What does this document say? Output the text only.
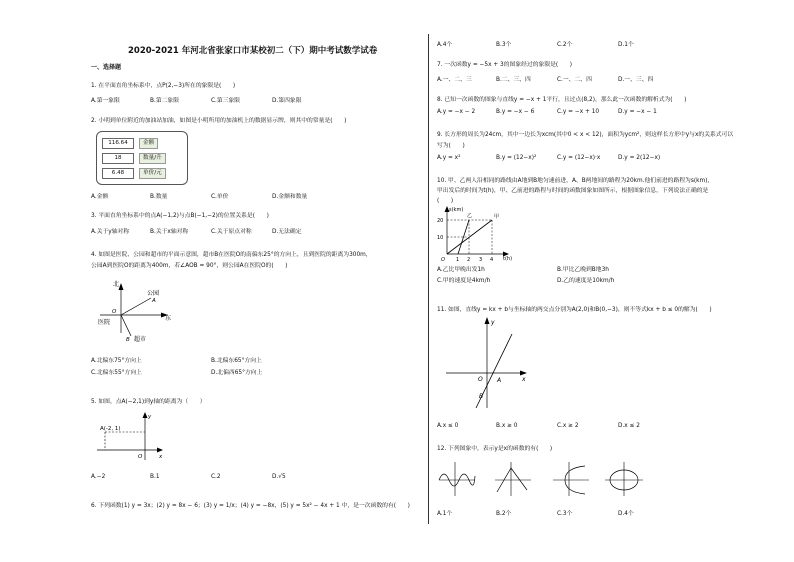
2020-2021 年河北省张家口市某校初二（下）期中考试数学试卷
一、选择题
1. 在平面直角坐标系中，点P(2,−3)所在的象限是(　　)
A.第一象限	B.第二象限	C.第三象限	D.第四象限
2. 小明到单位附近的加油站加油，如图是小明所用的加油机上的数据显示牌，则其中的常量是(　　)
116.64	金额
18	数量/升
6.48	单价/元
A.金额	B.数量	C.单价	D.金额和数量
3. 平面直角坐标系中的点A(−1,2)与点B(−1,−2)的位置关系是(　　)
A.关于y轴对称	B.关于x轴对称	C.关于原点对称	D.无法确定
4. 如图是医院、公园和超市的平面示意图，超市B在医院O的南偏东25°的方向上，且到医院的距离为300m，
公园A到医院O的距离为400m，若∠AOB = 90°，则公园A在医院O的(　　)
北
东
公园
A
O
医院
B 超市
A.北偏东75°方向上	B.北偏东65°方向上
C.北偏东55°方向上	D.北偏西65°方向上
5. 如图，点A(−2,1)到y轴的距离为（　　）
A(-2, 1)
y
x
O
A.−2	B.1	C.2	D.√5
6. 下列函数(1) y = 3x；(2) y = 8x − 6；(3) y = 1/x；(4) y = −8x，(5) y = 5x² − 4x + 1 中，是一次函数的有(　　)
A.4个	B.3个	C.2个	D.1个
7. 一次函数y = −5x + 3的图象经过的象限是(　　)
A.一、二、三	B.二、三、四	C.一、二、四	D.一、三、四
8. 已知一次函数的图象与直线y = −x + 1平行，且过点(8,2)，那么此一次函数的解析式为(　　)
A.y = −x − 2	B.y = −x − 6	C.y = −x + 10	D.y = −x − 1
9. 长方形的周长为24cm，其中一边长为xcm(其中0 < x < 12)，面积为ycm²，则这样长方形中y与x的关系式可以
写为(　　)
A.y = x²	B.y = (12−x)²	C.y = (12−x)·x	D.y = 2(12−x)
10. 甲、乙两人沿相同的路线由A地到B地匀速前进，A、B两地间的路程为20km.他们前进的路程为s(km)，
甲出发后的时间为t(h)，甲、乙前进的路程与时间的函数图象如图所示，根据图象信息，下列说法正确的是
(　　)
s(km)
t(h)
20
10
O 1 2 3 4
甲
乙
A.乙比甲晚出发1h	B.甲比乙晚到B地3h
C.甲的速度是4km/h	D.乙的速度是10km/h
11. 如图，直线y = kx + b与坐标轴的两交点分别为A(2,0)和B(0,−3)，则不等式kx + b ≤ 0的解为(　　)
y
x
O A
B
A.x ≤ 0	B.x ≥ 0	C.x ≥ 2	D.x ≤ 2
12. 下列图象中，表示y是x的函数的有(　　)
A.1个	B.2个	C.3个	D.4个
